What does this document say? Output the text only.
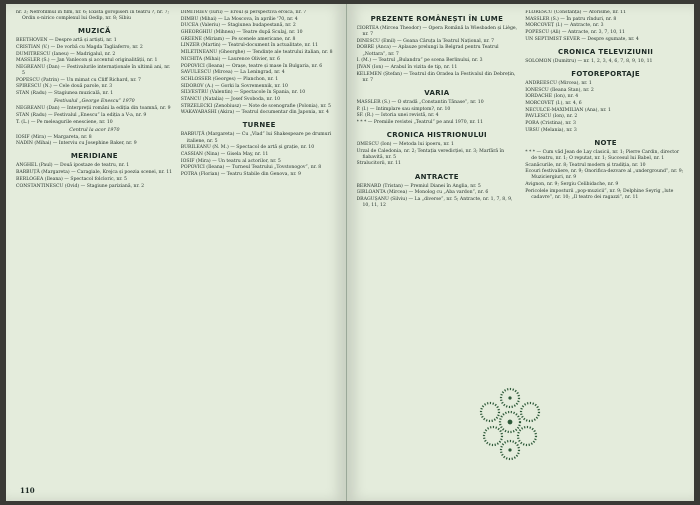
nr. 3; Nefrofilmul în film, nr. 6; Există goropiseri în teatru ?, nr. 7; Ordin o-nirico complexul lui Oedip, nr. 8; Sibiu
MUZICĂ
BEETHOVEN — Despre artă și artiști, nr. 1
CRISTIAN (V.) — De vorbă cu Magda Tagliaferro, nr. 2
DUMITRESCU (Ianeu) — Madrigalul, nr. 2
MASSLER (S.) — Jan Vanlecon și accentul originalității, nr. 1
NEGREANU (Dan) — Festivalurile internaționale în ultimii ani, nr. 5
POPESCU (Patrin) — Un mimat cu Cliff Richard, nr. 7
SPIRESCU (N.) — Cele două parole, nr. 3
STAN (Radu) — Stagiunea muzicală, nr. 1
Festivalul „George Enescu” 1970
NEGREANU (Dan) — Interpreții români la ediția din toamnă, nr. 9
STAN (Radu) — Festivalul „Enescu” la ediția a V-a, nr. 9
T. (L.) — Pe meleagurile enesciene, nr. 10
Centrul la acor 1970
IOSIF (Mira) — Margareta, nr. 8
NADIN (Mihai) — Interviu cu Josephine Baker, nr. 9
MERIDIANE
ANGHEL (Paul) — Două ipostaze de teatru, nr. 1
BARBUȚĂ (Margareta) — Caragiale, Krejca și poezia scenei, nr. 11
BERLOGEA (Ileana) — Spectacol folcloric, nr. 5
CONSTANTINESCU (Ovid) — Stagiune pariziană, nr. 2
DIMITRIEV (Iurii) — Eroul și perspectiva eroică, nr. 7
DIMBU (Mihai) — La Moscova, în aprilie '70, nr. 4
DUCEA (Valeriu) — Stagiunea budapestană, nr. 2
GHEORGHIU (Mihnea) — Teatre după Sculaj, nr. 10
GREENE (Miriam) — Pe scenele americane, nr. 8
LINZER (Martin) — Teatrul-document în actualitate, nr. 11
MILETINEANU (Gheorghe) — Tendințe ale teatrului italian, nr. 8
NICHITA (Mihai) — Laurence Olivier, nr. 6
POPOVICI (Ileana) — Orașe, teatre și mase în Bulgaria, nr. 6
SAVULESCU (Mircea) — La Leningrad, nr. 4
SCHLOSSER (Georges) — Planchon, nr. 1
SIDOROV (A.) — Gorki la Sovremennik, nr. 10
SILVESTRU (Valentin) — Spectacole în Spania, nr. 10
STANCU (Natalia) — Josef Svoboda, nr. 10
STRZELECKI (Zenobiusz) — Note de scenografie (Polonia), nr. 5
WAKAYABASHI (Akira) — Teatrul documentar din Japonia, nr. 4
TURNEE
BARBUȚĂ (Margareta) — Cu „Vlad” lui Shakespeare pe drumuri italiene, nr. 5
BURILEANU (N. M.) — Spectacol de artă și grație, nr. 10
CASSIAN (Nina) — Gisela May, nr. 11
IOSIF (Mira) — Un teatru al actorilor, nr. 5
POPOVICI (Ileana) — Turneul Teatrului „Tovstonogov”, nr. 8
POTRA (Florian) — Teatru Stabile din Genova, nr. 9
110
PREZENTE ROMÂNEȘTI ÎN LUME
CIORTEA (Mircea Theodor) — Opera Română la Wiesbaden și Liège, nr. 7
DINESCU (Emil) — Goana Căruța la Teatrul Național, nr. 7
DOBRE (Anca) — Aplauze prelungi la Belgrad pentru Teatrul „Nottara”, nr. 7
I. (M.) — Teatrul „Bulandra” pe scena Berlinului, nr. 3
JIVAN (Ion) — Arabul în vizita de tip, nr. 11
KELEMEN (Ștefan) — Teatrul din Oradea la Festivalul din Debrețin, nr. 7
VARIA
MASSLER (S.) — O stradă „Constantin Tănase”, nr. 10
P. (I.) — Intimplare sau simptom?, nr. 10
SF. (R.) — Istoria unei revistă, nr. 4
* * * — Premiile revistei „Teatrul” pe anul 1970, nr. 11
CRONICA HISTRIONULUI
OMESCU (Ion) — Metoda lui ipoeru, nr. 1
Urzal de Caledonia, nr. 2; Tentația veredicției, nr. 3; Marfără în fiabavită, nr. 5
Stralucitorii, nr. 11
ANTRACTE
BERNARD (Tristan) — Premiul Dianei în Anglia, nr. 5
GIRLOANTA (Mircea) — Monolog cu „Aba vardon”, nr. 6
DRAGUȘANU (Silviu) — La „diverse”, nr. 5; Antracte, nr. 1, 7, 8, 9, 10, 11, 12
FLORESCU (Constanța) — Aforisme, nr. 11
MASSLER (S.) — În patru rînduri, nr. 8
MORCOVEȚ (I.) — Antracte, nr. 3
POPESCU (Ali) — Antracte, nr. 3, 7, 10, 11
UN SEPTIMIST SEVER — Despre sgumate, nr. 4
CRONICA TELEVIZIUNII
SOLOMON (Dumitru) — nr. 1, 2, 3, 4, 6, 7, 8, 9, 10, 11
FOTOREPORTAJE
ANDREESCU (Mircea), nr. 1
IONESCU (Ileana Stan), nr. 2
IORDACHE (Ion), nr. 4
MORCOVEȚ (I.), nr. 4, 6
NECULCE-MAXIMILIAN (Ana), nr. 1
PAVLESCU (Ion), nr. 2
PORA (Cristina), nr. 3
URSU (Melania), nr. 3
NOTE
* * * — Cum văd Jean de Lay clasicii, nr. 1; Pierre Cardin, director de teatru, nr. 1; O reputat, nr. 1; Succesul lui Babel, nr. 1
Scanăcurile, nr. 8; Teatrul modern și tradiția, nr. 10
Ecouri festivaliere, nr. 9; Onorifica-dezvare al „underground”, nr. 9; Muziciergiuri, nr. 9
Avignon, nr. 9; Sergiu Celibidache, nr. 9
Pericolele imposturii „pop-muzicii”, nr. 9; Delphine Seyrig „lute cadavre”, nr. 10; „Il teatro dei ragazzi”, nr. 11
